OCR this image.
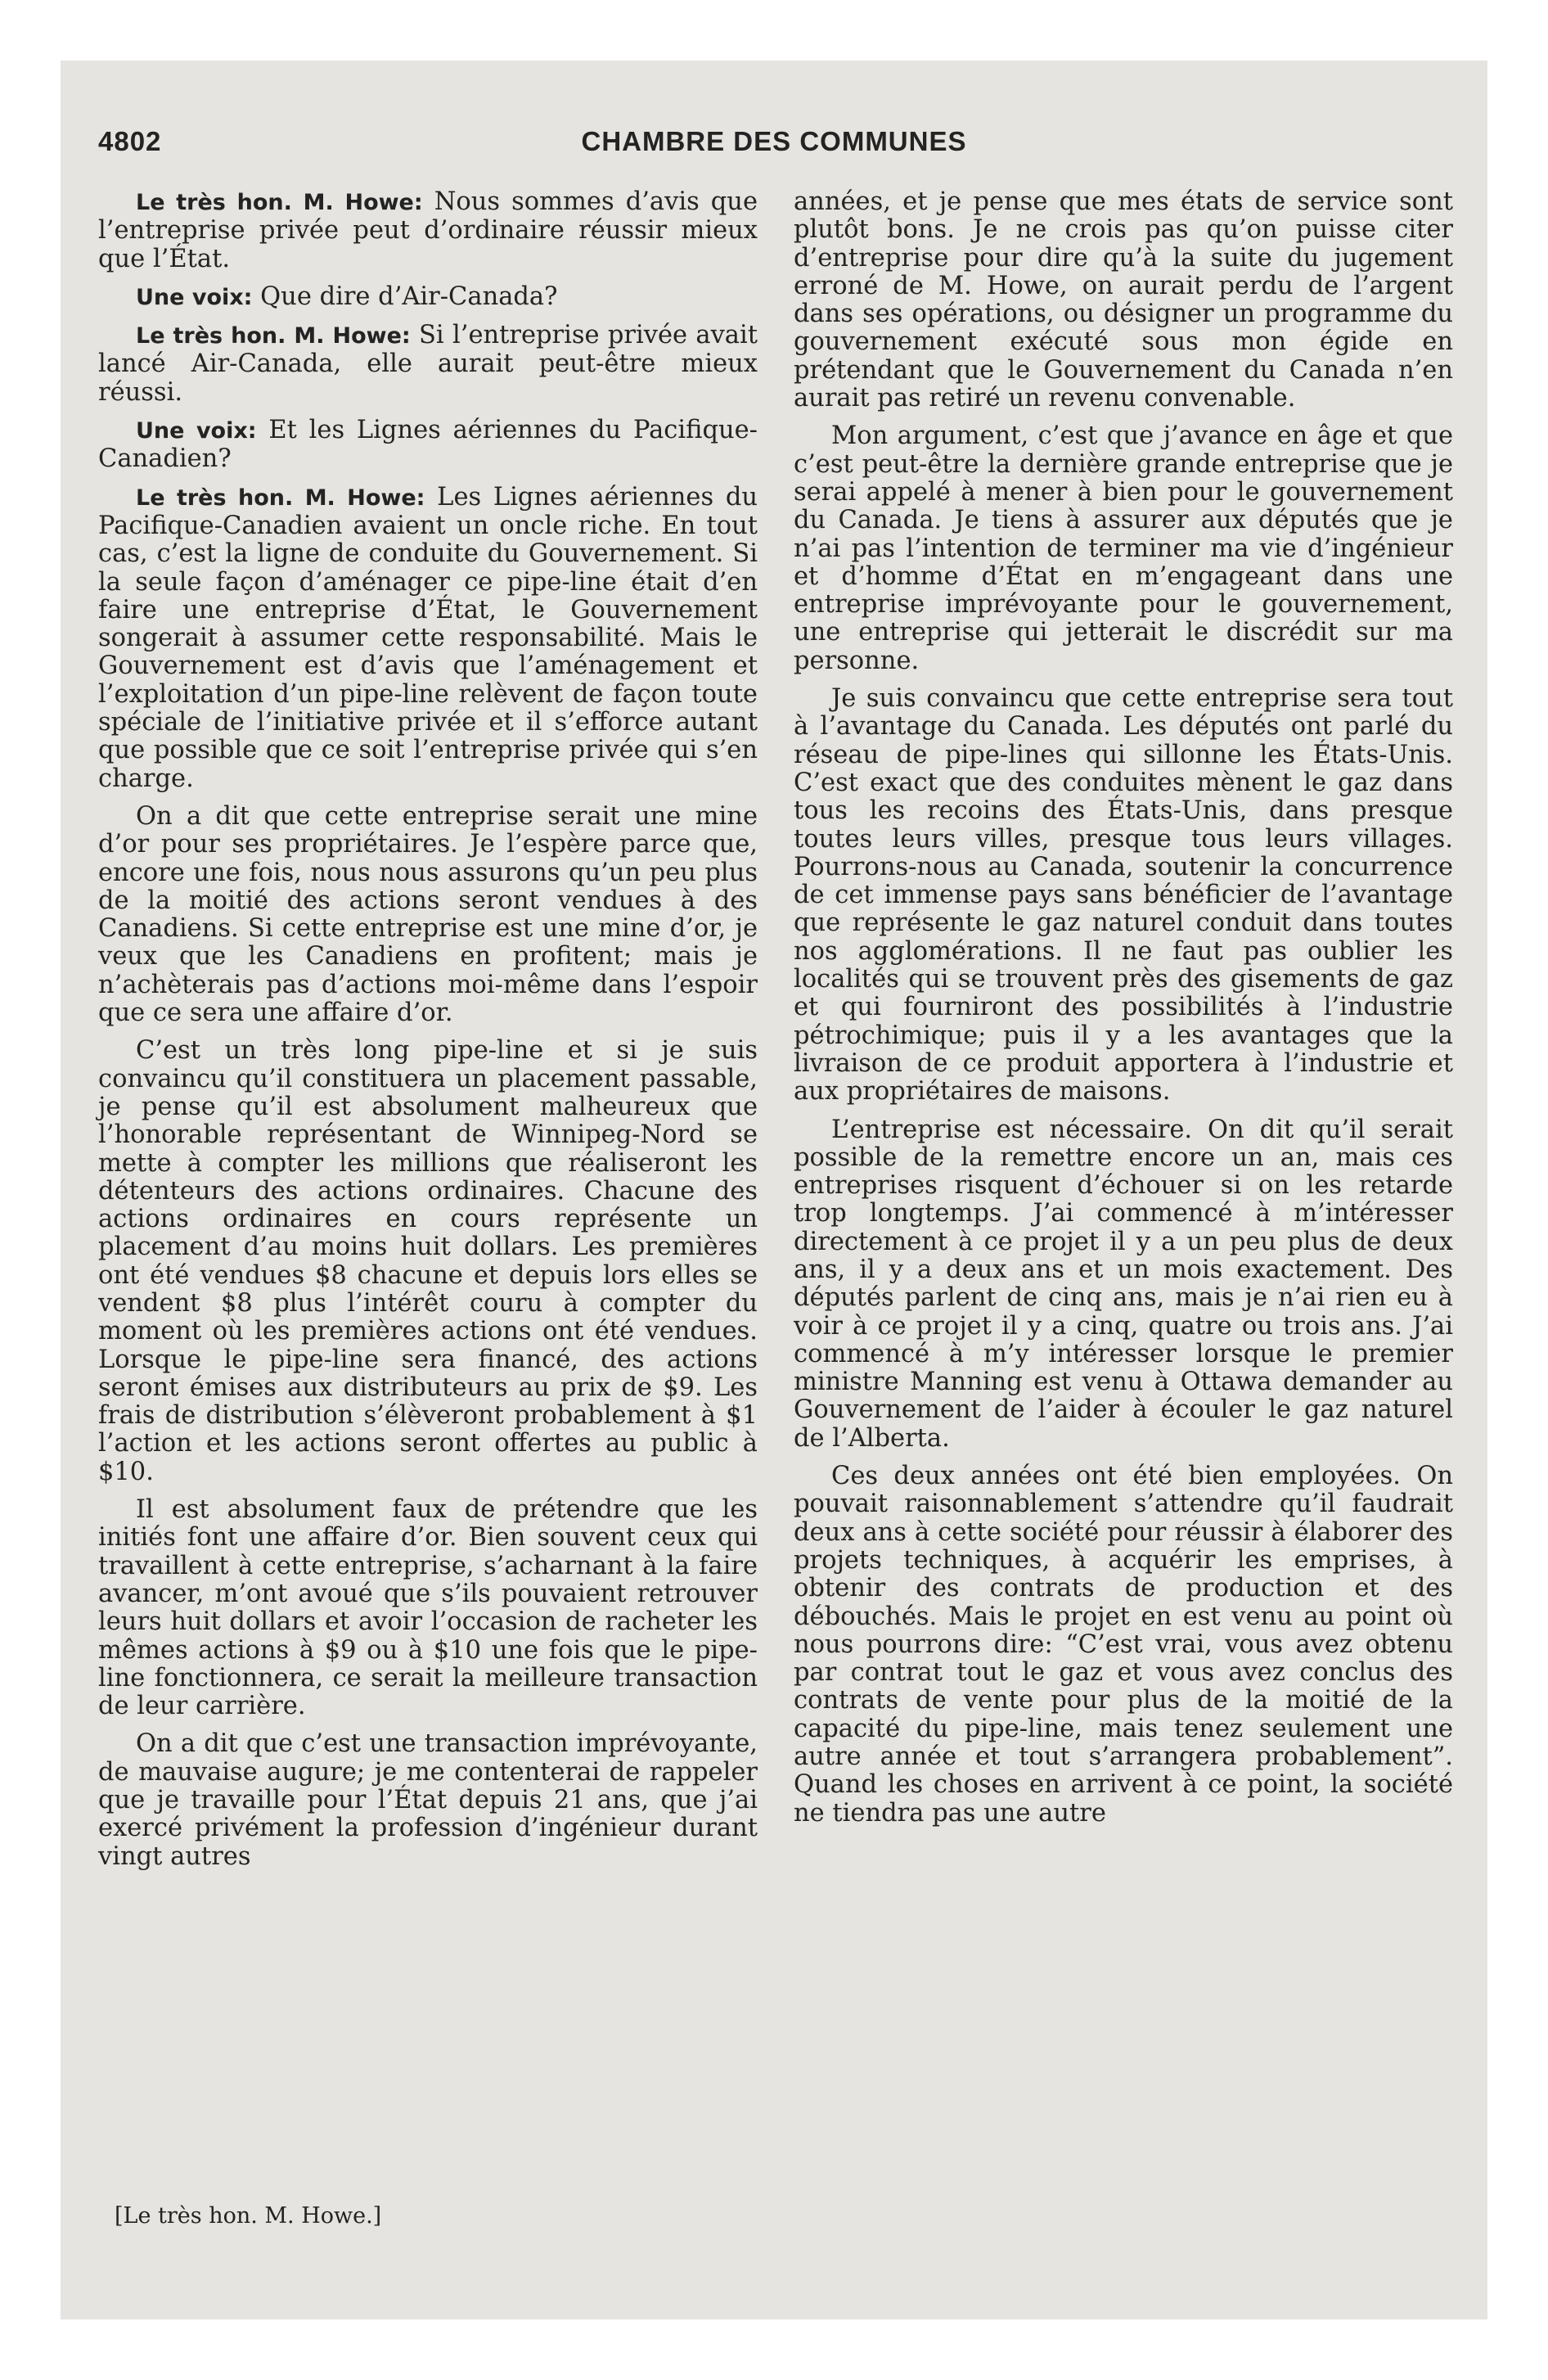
4802	CHAMBRE DES COMMUNES

Le très hon. M. Howe: Nous sommes d’avis que l’entreprise privée peut d’ordinaire réussir mieux que l’État.

Une voix: Que dire d’Air-Canada?

Le très hon. M. Howe: Si l’entreprise privée avait lancé Air-Canada, elle aurait peut-être mieux réussi.

Une voix: Et les Lignes aériennes du Pacifique-Canadien?

Le très hon. M. Howe: Les Lignes aériennes du Pacifique-Canadien avaient un oncle riche. En tout cas, c’est la ligne de conduite du Gouvernement. Si la seule façon d’aménager ce pipe-line était d’en faire une entreprise d’État, le Gouvernement songerait à assumer cette responsabilité. Mais le Gouvernement est d’avis que l’aménagement et l’exploitation d’un pipe-line relèvent de façon toute spéciale de l’initiative privée et il s’efforce autant que possible que ce soit l’entreprise privée qui s’en charge.

On a dit que cette entreprise serait une mine d’or pour ses propriétaires. Je l’espère parce que, encore une fois, nous nous assurons qu’un peu plus de la moitié des actions seront vendues à des Canadiens. Si cette entreprise est une mine d’or, je veux que les Canadiens en profitent; mais je n’achèterais pas d’actions moi-même dans l’espoir que ce sera une affaire d’or.

C’est un très long pipe-line et si je suis convaincu qu’il constituera un placement passable, je pense qu’il est absolument malheureux que l’honorable représentant de Winnipeg-Nord se mette à compter les millions que réaliseront les détenteurs des actions ordinaires. Chacune des actions ordinaires en cours représente un placement d’au moins huit dollars. Les premières ont été vendues $8 chacune et depuis lors elles se vendent $8 plus l’intérêt couru à compter du moment où les premières actions ont été vendues. Lorsque le pipe-line sera financé, des actions seront émises aux distributeurs au prix de $9. Les frais de distribution s’élèveront probablement à $1 l’action et les actions seront offertes au public à $10.

Il est absolument faux de prétendre que les initiés font une affaire d’or. Bien souvent ceux qui travaillent à cette entreprise, s’acharnant à la faire avancer, m’ont avoué que s’ils pouvaient retrouver leurs huit dollars et avoir l’occasion de racheter les mêmes actions à $9 ou à $10 une fois que le pipe-line fonctionnera, ce serait la meilleure transaction de leur carrière.

On a dit que c’est une transaction imprévoyante, de mauvaise augure; je me contenterai de rappeler que je travaille pour l’État depuis 21 ans, que j’ai exercé privément la profession d’ingénieur durant vingt autres

années, et je pense que mes états de service sont plutôt bons. Je ne crois pas qu’on puisse citer d’entreprise pour dire qu’à la suite du jugement erroné de M. Howe, on aurait perdu de l’argent dans ses opérations, ou désigner un programme du gouvernement exécuté sous mon égide en prétendant que le Gouvernement du Canada n’en aurait pas retiré un revenu convenable.

Mon argument, c’est que j’avance en âge et que c’est peut-être la dernière grande entreprise que je serai appelé à mener à bien pour le gouvernement du Canada. Je tiens à assurer aux députés que je n’ai pas l’intention de terminer ma vie d’ingénieur et d’homme d’État en m’engageant dans une entreprise imprévoyante pour le gouvernement, une entreprise qui jetterait le discrédit sur ma personne.

Je suis convaincu que cette entreprise sera tout à l’avantage du Canada. Les députés ont parlé du réseau de pipe-lines qui sillonne les États-Unis. C’est exact que des conduites mènent le gaz dans tous les recoins des États-Unis, dans presque toutes leurs villes, presque tous leurs villages. Pourrons-nous au Canada, soutenir la concurrence de cet immense pays sans bénéficier de l’avantage que représente le gaz naturel conduit dans toutes nos agglomérations. Il ne faut pas oublier les localités qui se trouvent près des gisements de gaz et qui fourniront des possibilités à l’industrie pétrochimique; puis il y a les avantages que la livraison de ce produit apportera à l’industrie et aux propriétaires de maisons.

L’entreprise est nécessaire. On dit qu’il serait possible de la remettre encore un an, mais ces entreprises risquent d’échouer si on les retarde trop longtemps. J’ai commencé à m’intéresser directement à ce projet il y a un peu plus de deux ans, il y a deux ans et un mois exactement. Des députés parlent de cinq ans, mais je n’ai rien eu à voir à ce projet il y a cinq, quatre ou trois ans. J’ai commencé à m’y intéresser lorsque le premier ministre Manning est venu à Ottawa demander au Gouvernement de l’aider à écouler le gaz naturel de l’Alberta.

Ces deux années ont été bien employées. On pouvait raisonnablement s’attendre qu’il faudrait deux ans à cette société pour réussir à élaborer des projets techniques, à acquérir les emprises, à obtenir des contrats de production et des débouchés. Mais le projet en est venu au point où nous pourrons dire: “C’est vrai, vous avez obtenu par contrat tout le gaz et vous avez conclus des contrats de vente pour plus de la moitié de la capacité du pipe-line, mais tenez seulement une autre année et tout s’arrangera probablement”. Quand les choses en arrivent à ce point, la société ne tiendra pas une autre

[Le très hon. M. Howe.]
